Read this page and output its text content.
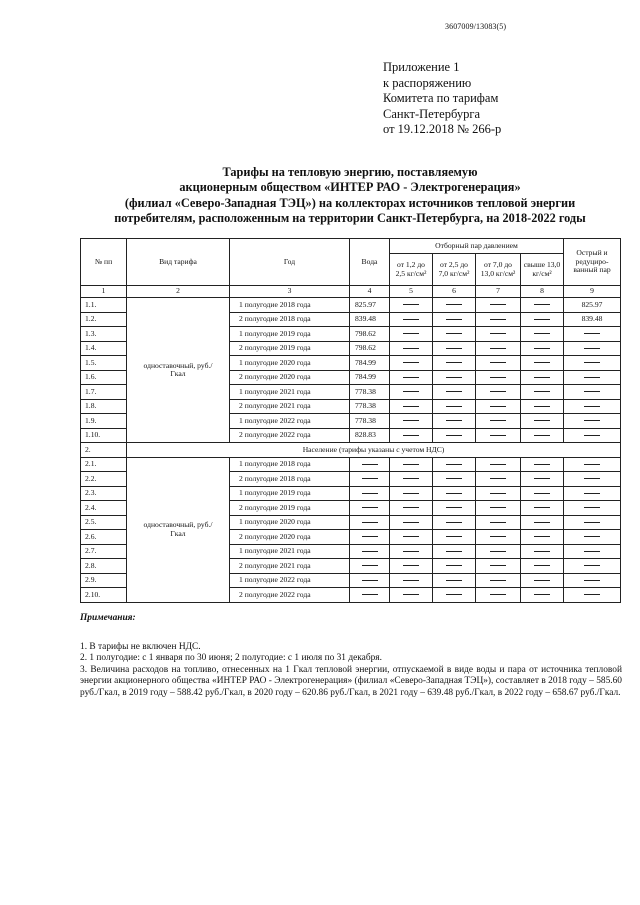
3607009/13083(5)
Приложение 1
к распоряжению
Комитета по тарифам
Санкт-Петербурга
от 19.12.2018 № 266-р
Тарифы на тепловую энергию, поставляемую
акционерным обществом «ИНТЕР РАО - Электрогенерация»
(филиал «Северо-Западная ТЭЦ») на коллекторах источников тепловой энергии
потребителям, расположенным на территории Санкт-Петербурга, на 2018-2022 годы
№ пп	Вид тарифа	Год	Вода	Отборный пар давлением				Острый и редуциро-ванный пар
				от 1,2 до 2,5 кг/см²	от 2,5 до 7,0 кг/см²	от 7,0 до 13,0 кг/см²	свыше 13,0 кг/см²	
1	2	3	4	5	6	7	8	9
1.1.	одноставочный, руб./Гкал	1 полугодие 2018 года	825.97					825.97
1.2.		2 полугодие 2018 года	839.48					839.48
1.3.		1 полугодие 2019 года	798.62					
1.4.		2 полугодие 2019 года	798.62					
1.5.		1 полугодие 2020 года	784.99					
1.6.		2 полугодие 2020 года	784.99					
1.7.		1 полугодие 2021 года	778.38					
1.8.		2 полугодие 2021 года	778.38					
1.9.		1 полугодие 2022 года	778.38					
1.10.		2 полугодие 2022 года	828.83					
2.	Население (тарифы указаны с учетом НДС)							
2.1.	одноставочный, руб./Гкал	1 полугодие 2018 года						
2.2.		2 полугодие 2018 года						
2.3.		1 полугодие 2019 года						
2.4.		2 полугодие 2019 года						
2.5.		1 полугодие 2020 года						
2.6.		2 полугодие 2020 года						
2.7.		1 полугодие 2021 года						
2.8.		2 полугодие 2021 года						
2.9.		1 полугодие 2022 года						
2.10.		2 полугодие 2022 года						
Примечания:
1. В тарифы не включен НДС.
2. 1 полугодие: с 1 января по 30 июня; 2 полугодие: с 1 июля по 31 декабря.
3. Величина расходов на топливо, отнесенных на 1 Гкал тепловой энергии, отпускаемой в виде воды и пара от источника тепловой энергии акционерного общества «ИНТЕР РАО - Электрогенерация» (филиал «Северо-Западная ТЭЦ»), составляет в 2018 году – 585.60 руб./Гкал, в 2019 году – 588.42 руб./Гкал, в 2020 году – 620.86 руб./Гкал, в 2021 году – 639.48 руб./Гкал, в 2022 году – 658.67 руб./Гкал.
